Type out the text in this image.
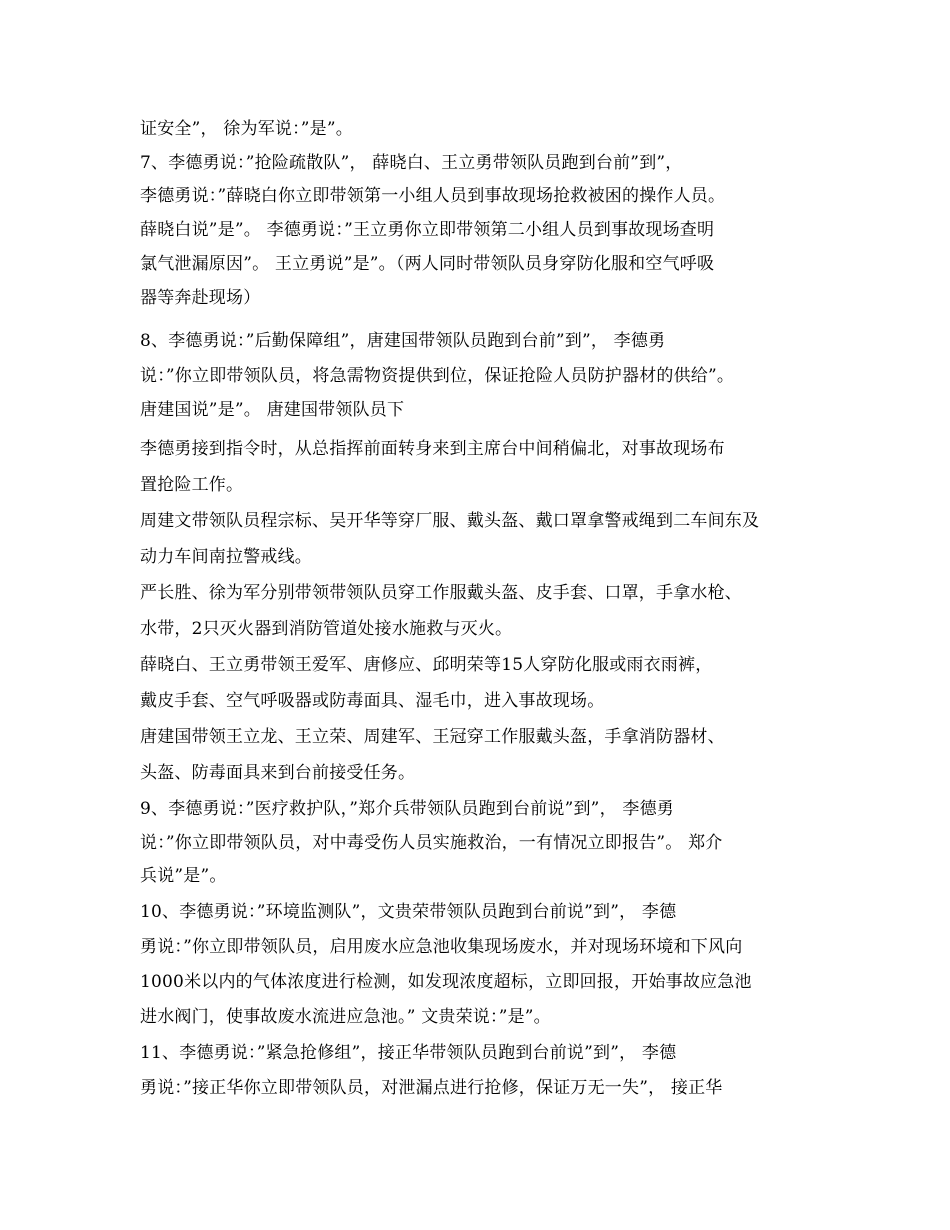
证安全”， 徐为军说：”是”。
7、李德勇说：”抢险疏散队”， 薛晓白、王立勇带领队员跑到台前”到”，
李德勇说：”薛晓白你立即带领第一小组人员到事故现场抢救被困的操作人员。
薛晓白说”是”。 李德勇说：”王立勇你立即带领第二小组人员到事故现场查明
氯气泄漏原因”。 王立勇说”是”。（两人同时带领队员身穿防化服和空气呼吸
器等奔赴现场）
8、李德勇说：”后勤保障组”，唐建国带领队员跑到台前”到”， 李德勇
说：”你立即带领队员，将急需物资提供到位，保证抢险人员防护器材的供给”。
唐建国说”是”。 唐建国带领队员下
李德勇接到指令时，从总指挥前面转身来到主席台中间稍偏北，对事故现场布
置抢险工作。
周建文带领队员程宗标、吴开华等穿厂服、戴头盔、戴口罩拿警戒绳到二车间东及
动力车间南拉警戒线。
严长胜、徐为军分别带领带领队员穿工作服戴头盔、皮手套、口罩，手拿水枪、
水带，2只灭火器到消防管道处接水施救与灭火。
薛晓白、王立勇带领王爱军、唐修应、邱明荣等15人穿防化服或雨衣雨裤，
戴皮手套、空气呼吸器或防毒面具、湿毛巾，进入事故现场。
唐建国带领王立龙、王立荣、周建军、王冠穿工作服戴头盔，手拿消防器材、
头盔、防毒面具来到台前接受任务。
9、李德勇说：”医疗救护队，”郑介兵带领队员跑到台前说”到”， 李德勇
说：”你立即带领队员，对中毒受伤人员实施救治，一有情况立即报告”。 郑介
兵说”是”。
10、李德勇说：”环境监测队”，文贵荣带领队员跑到台前说”到”， 李德
勇说：”你立即带领队员，启用废水应急池收集现场废水，并对现场环境和下风向
1000米以内的气体浓度进行检测，如发现浓度超标，立即回报，开始事故应急池
进水阀门，使事故废水流进应急池。” 文贵荣说：”是”。
11、李德勇说：”紧急抢修组”，接正华带领队员跑到台前说”到”， 李德
勇说：”接正华你立即带领队员，对泄漏点进行抢修，保证万无一失”， 接正华
